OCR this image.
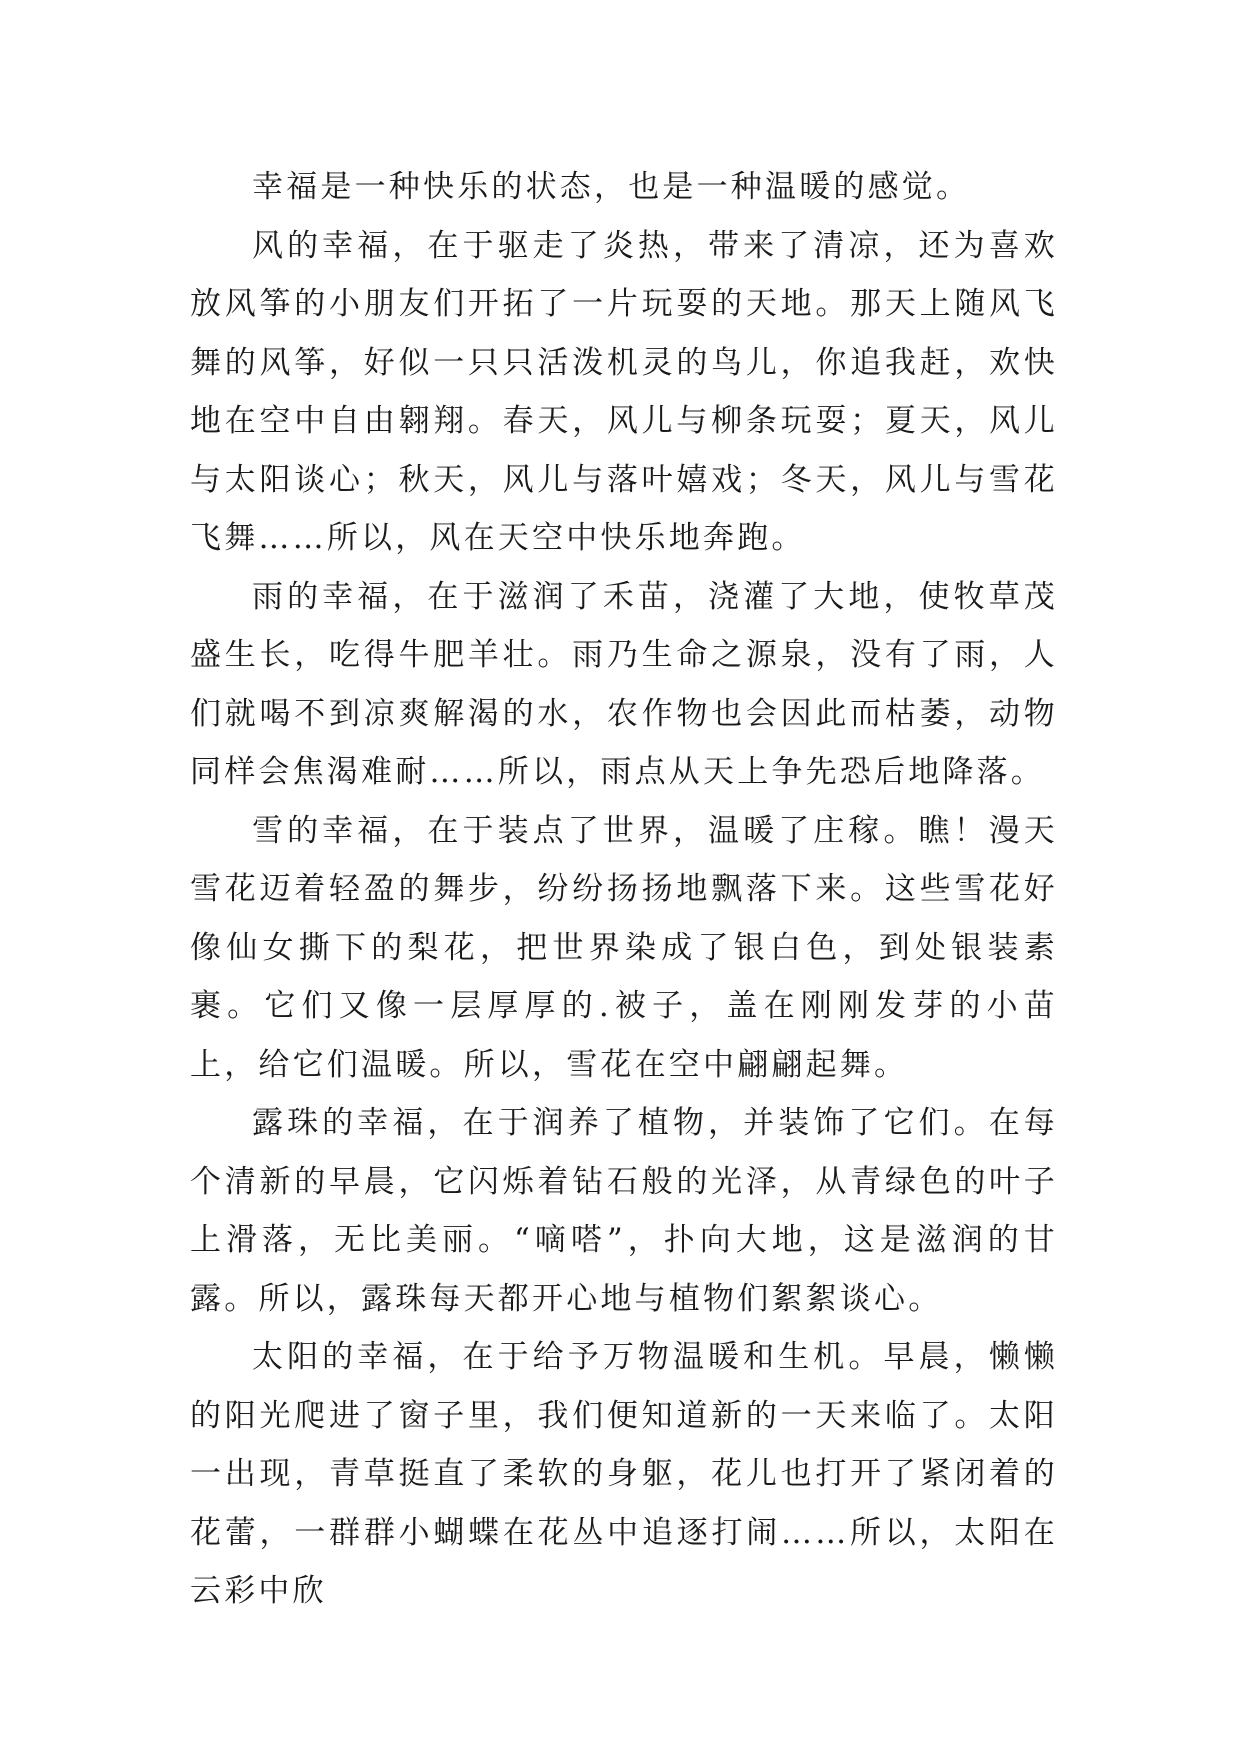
幸福是一种快乐的状态，也是一种温暖的感觉。

风的幸福，在于驱走了炎热，带来了清凉，还为喜欢放风筝的小朋友们开拓了一片玩耍的天地。那天上随风飞舞的风筝，好似一只只活泼机灵的鸟儿，你追我赶，欢快地在空中自由翱翔。春天，风儿与柳条玩耍；夏天，风儿与太阳谈心；秋天，风儿与落叶嬉戏；冬天，风儿与雪花飞舞……所以，风在天空中快乐地奔跑。

雨的幸福，在于滋润了禾苗，浇灌了大地，使牧草茂盛生长，吃得牛肥羊壮。雨乃生命之源泉，没有了雨，人们就喝不到凉爽解渴的水，农作物也会因此而枯萎，动物同样会焦渴难耐……所以，雨点从天上争先恐后地降落。

雪的幸福，在于装点了世界，温暖了庄稼。瞧！漫天雪花迈着轻盈的舞步，纷纷扬扬地飘落下来。这些雪花好像仙女撕下的梨花，把世界染成了银白色，到处银装素裹。它们又像一层厚厚的.被子，盖在刚刚发芽的小苗上，给它们温暖。所以，雪花在空中翩翩起舞。

露珠的幸福，在于润养了植物，并装饰了它们。在每个清新的早晨，它闪烁着钻石般的光泽，从青绿色的叶子上滑落，无比美丽。“嘀嗒”，扑向大地，这是滋润的甘露。所以，露珠每天都开心地与植物们絮絮谈心。

太阳的幸福，在于给予万物温暖和生机。早晨，懒懒的阳光爬进了窗子里，我们便知道新的一天来临了。太阳一出现，青草挺直了柔软的身躯，花儿也打开了紧闭着的花蕾，一群群小蝴蝶在花丛中追逐打闹……所以，太阳在云彩中欣
